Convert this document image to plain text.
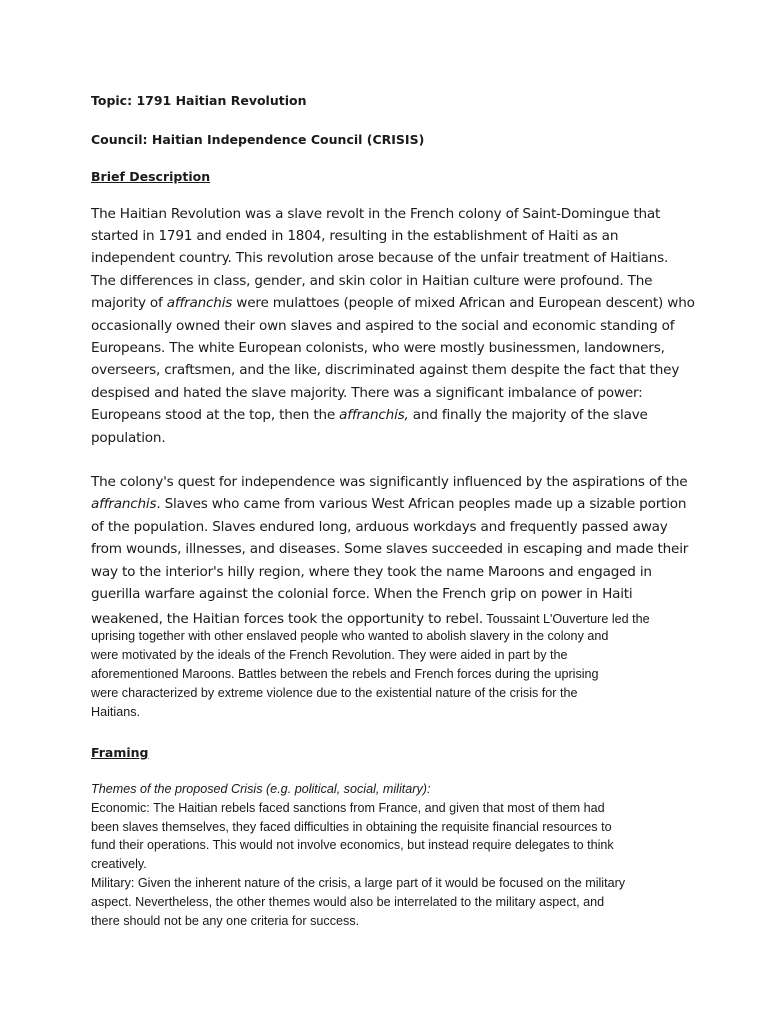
Topic: 1791 Haitian Revolution
Council: Haitian Independence Council (CRISIS)
Brief Description
The Haitian Revolution was a slave revolt in the French colony of Saint-Domingue that
started in 1791 and ended in 1804, resulting in the establishment of Haiti as an
independent country. This revolution arose because of the unfair treatment of Haitians.
The differences in class, gender, and skin color in Haitian culture were profound. The
majority of affranchis were mulattoes (people of mixed African and European descent) who
occasionally owned their own slaves and aspired to the social and economic standing of
Europeans. The white European colonists, who were mostly businessmen, landowners,
overseers, craftsmen, and the like, discriminated against them despite the fact that they
despised and hated the slave majority. There was a significant imbalance of power:
Europeans stood at the top, then the affranchis, and finally the majority of the slave
population.
The colony's quest for independence was significantly influenced by the aspirations of the
affranchis. Slaves who came from various West African peoples made up a sizable portion
of the population. Slaves endured long, arduous workdays and frequently passed away
from wounds, illnesses, and diseases. Some slaves succeeded in escaping and made their
way to the interior's hilly region, where they took the name Maroons and engaged in
guerilla warfare against the colonial force. When the French grip on power in Haiti
weakened, the Haitian forces took the opportunity to rebel. Toussaint L'Ouverture led the
uprising together with other enslaved people who wanted to abolish slavery in the colony and
were motivated by the ideals of the French Revolution. They were aided in part by the
aforementioned Maroons. Battles between the rebels and French forces during the uprising
were characterized by extreme violence due to the existential nature of the crisis for the
Haitians.
Framing
Themes of the proposed Crisis (e.g. political, social, military):
Economic: The Haitian rebels faced sanctions from France, and given that most of them had
been slaves themselves, they faced difficulties in obtaining the requisite financial resources to
fund their operations. This would not involve economics, but instead require delegates to think
creatively.
Military: Given the inherent nature of the crisis, a large part of it would be focused on the military
aspect. Nevertheless, the other themes would also be interrelated to the military aspect, and
there should not be any one criteria for success.
